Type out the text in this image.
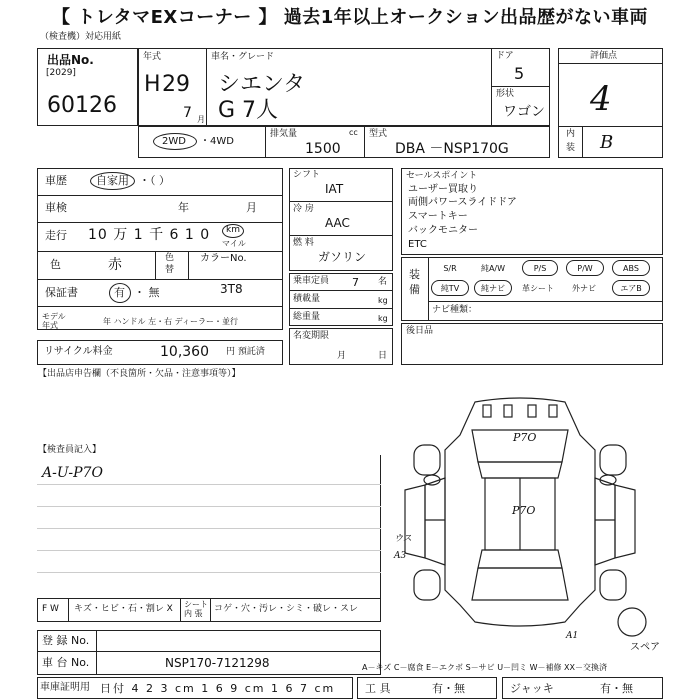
【 トレタマEXコーナー 】 過去1年以上オークション出品歴がない車両
（検査機）対応用紙
出品No.
[2029]
60126
年式
H 29
7 月
車名・グレード
シエンタ
G 7人
ドア
5
形状
ワゴン
評価点
4
内
装 B
2WD ・4WD
排気量	cc
1500
型式
DBA －NSP170G
車歴	自家用 ・（ ）
車検	年	月
走行 10 万 1 千 6 1 0 km
マイル
色	赤	色
替
カラーNo.
3T8
保証書	有 ・ 無
モデル 年式	年 ハンドル 左・右 ディーラー・並行
リサイクル料金	10,360 円 預託済
シフト
IAT
冷 房
AAC
燃 料
ガソリン
乗車定員 7 名
積載量	kg
総重量	kg
名変期限
月	日
セールスポイント
ユーザー買取り
両側パワースライドドア
スマートキー
バックモニター
ETC
装
備
S/R	純A/W	P/S	P/W	ABS
純TV	純ナビ	革シート	外ナビ	エアB
ナビ種類：
後日品
【出品店申告欄（不良箇所・欠品・注意事項等）】
【検査員記入】
A-U-P7O
P7O
P7O
ウス
A3
A1
スペア
F W キズ・ヒビ・石・割レ X シート 内 張	コゲ・穴・汚レ・シミ・破レ・スレ
登 録 No.
車 台 No.	NSP170-7121298	A－キズ C－腐食 E－エクボ S－サビ U－凹ミ W－補修 XX－交換済
車庫証明用 日付 4 2 3 cm 1 6 9 cm 1 6 7 cm	工 具	有・無	ジャッキ	有・無
